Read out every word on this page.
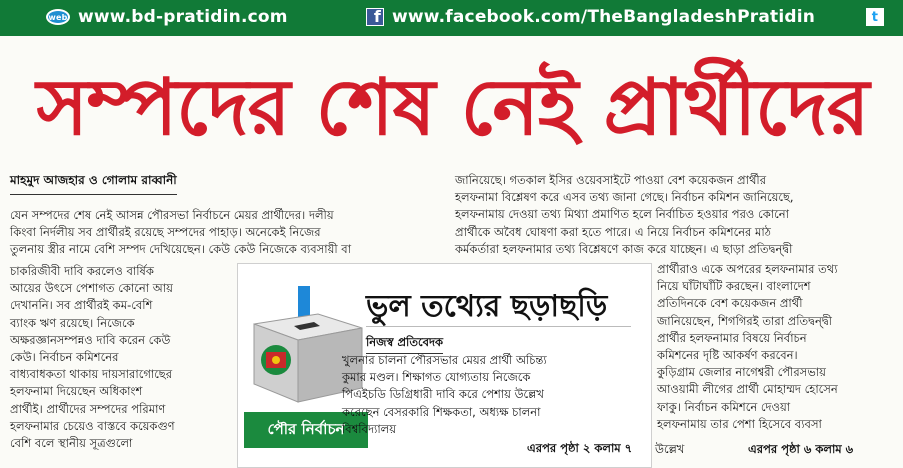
web www.bd-pratidin.com	f www.facebook.com/TheBangladeshPratidin	t
সম্পদের শেষ নেই প্রার্থীদের
মাহমুদ আজহার ও গোলাম রাব্বানী

যেন সম্পদের শেষ নেই আসন্ন পৌরসভা নির্বাচনে মেয়র প্রার্থীদের। দলীয়

কিংবা নির্দলীয় সব প্রার্থীরই রয়েছে সম্পদের পাহাড়। অনেকেই নিজের

তুলনায় স্ত্রীর নামে বেশি সম্পদ দেখিয়েছেন। কেউ কেউ নিজেকে ব্যবসায়ী বা

চাকরিজীবী দাবি করলেও বার্ষিক

আয়ের উৎসে পেশাগত কোনো আয়

দেখাননি। সব প্রার্থীরই কম-বেশি

ব্যাংক ঋণ রয়েছে। নিজেকে

অক্ষরজ্ঞানসম্পন্নও দাবি করেন কেউ

কেউ। নির্বাচন কমিশনের

বাধ্যবাধকতা থাকায় দায়সারাগোছের

হলফনামা দিয়েছেন অধিকাংশ

প্রার্থীই। প্রার্থীদের সম্পদের পরিমাণ

হলফনামার চেয়েও বাস্তবে কয়েকগুণ

বেশি বলে স্থানীয় সূত্রগুলো

জানিয়েছে। গতকাল ইসির ওয়েবসাইটে পাওয়া বেশ কয়েকজন প্রার্থীর

হলফনামা বিশ্লেষণ করে এসব তথ্য জানা গেছে। নির্বাচন কমিশন জানিয়েছে,

হলফনামায় দেওয়া তথ্য মিথ্যা প্রমাণিত হলে নির্বাচিত হওয়ার পরও কোনো

প্রার্থীকে অবৈধ ঘোষণা করা হতে পারে। এ নিয়ে নির্বাচন কমিশনের মাঠ

কর্মকর্তারা হলফনামার তথ্য বিশ্লেষণে কাজ করে যাচ্ছেন। এ ছাড়া প্রতিদ্বন্দ্বী

প্রার্থীরাও একে অপরের হলফনামার তথ্য

নিয়ে ঘাঁটাঘাঁটি করছেন। বাংলাদেশ

প্রতিদিনকে বেশ কয়েকজন প্রার্থী

জানিয়েছেন, শিগগিরই তারা প্রতিদ্বন্দ্বী

প্রার্থীর হলফনামার বিষয়ে নির্বাচন

কমিশনের দৃষ্টি আকর্ষণ করবেন।

কুড়িগ্রাম জেলার নাগেশ্বরী পৌরসভায়

আওয়ামী লীগের প্রার্থী মোহাম্মদ হোসেন

ফাকু। নির্বাচন কমিশনে দেওয়া

হলফনামায় তার পেশা হিসেবে ব্যবসা

উল্লেখ	এরপর পৃষ্ঠা ৬ কলাম ৬
পৌর নির্বাচন
ভুল তথ্যের ছড়াছড়ি
নিজস্ব প্রতিবেদক

খুলনার চালনা পৌরসভার মেয়র প্রার্থী অচিন্ত্য

কুমার মণ্ডল। শিক্ষাগত যোগ্যতায় নিজেকে

পিএইচডি ডিগ্রিধারী দাবি করে পেশায় উল্লেখ

করেছেন বেসরকারি শিক্ষকতা, অধ্যক্ষ চালনা

বিশ্ববিদ্যালয়

এরপর পৃষ্ঠা ২ কলাম ৭
